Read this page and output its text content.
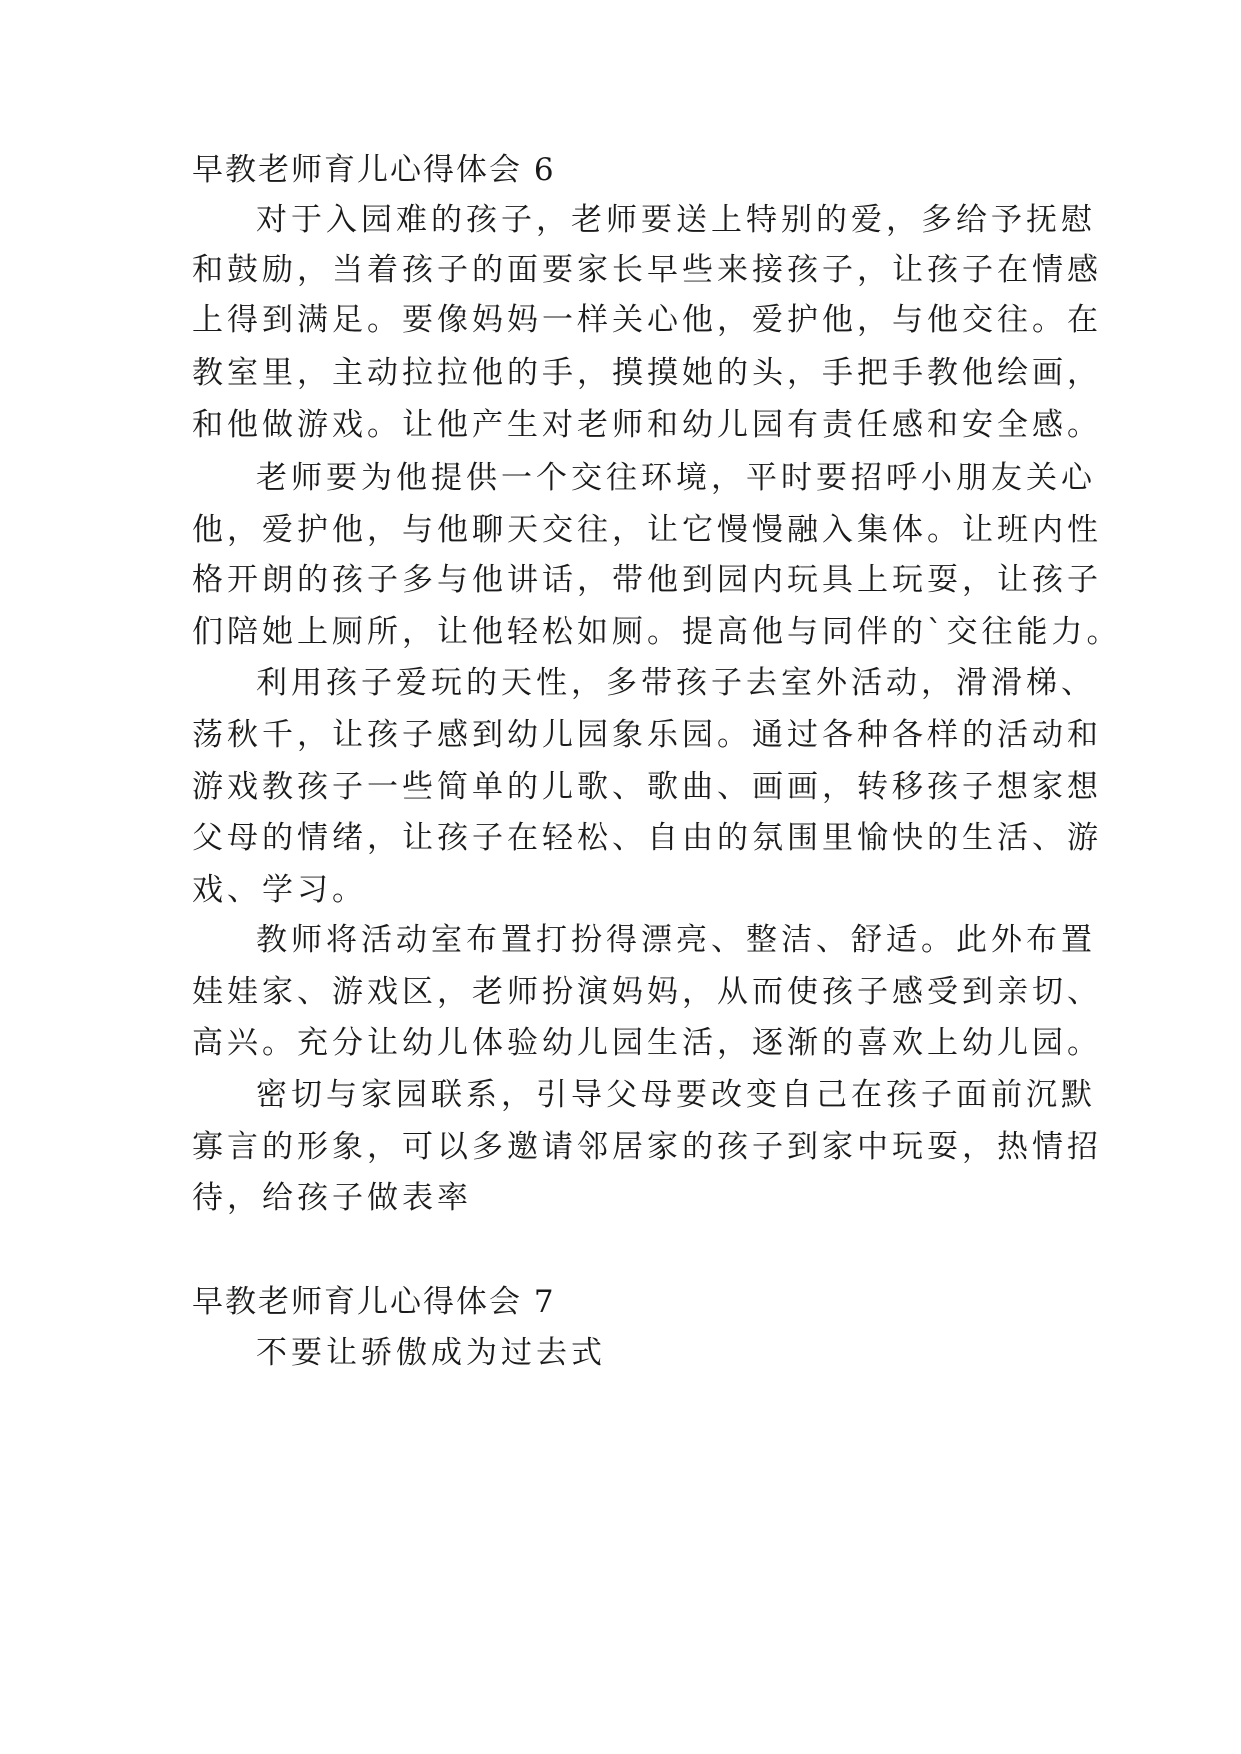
早教老师育儿心得体会 6
对于入园难的孩子，老师要送上特别的爱，多给予抚慰
和鼓励，当着孩子的面要家长早些来接孩子，让孩子在情感
上得到满足。要像妈妈一样关心他，爱护他，与他交往。在
教室里，主动拉拉他的手，摸摸她的头，手把手教他绘画，
和他做游戏。让他产生对老师和幼儿园有责任感和安全感。
老师要为他提供一个交往环境，平时要招呼小朋友关心
他，爱护他，与他聊天交往，让它慢慢融入集体。让班内性
格开朗的孩子多与他讲话，带他到园内玩具上玩耍，让孩子
们陪她上厕所，让他轻松如厕。提高他与同伴的`交往能力。
利用孩子爱玩的天性，多带孩子去室外活动，滑滑梯、
荡秋千，让孩子感到幼儿园象乐园。通过各种各样的活动和
游戏教孩子一些简单的儿歌、歌曲、画画，转移孩子想家想
父母的情绪，让孩子在轻松、自由的氛围里愉快的生活、游
戏、学习。
教师将活动室布置打扮得漂亮、整洁、舒适。此外布置
娃娃家、游戏区，老师扮演妈妈，从而使孩子感受到亲切、
高兴。充分让幼儿体验幼儿园生活，逐渐的喜欢上幼儿园。
密切与家园联系，引导父母要改变自己在孩子面前沉默
寡言的形象，可以多邀请邻居家的孩子到家中玩耍，热情招
待，给孩子做表率
早教老师育儿心得体会 7
不要让骄傲成为过去式
